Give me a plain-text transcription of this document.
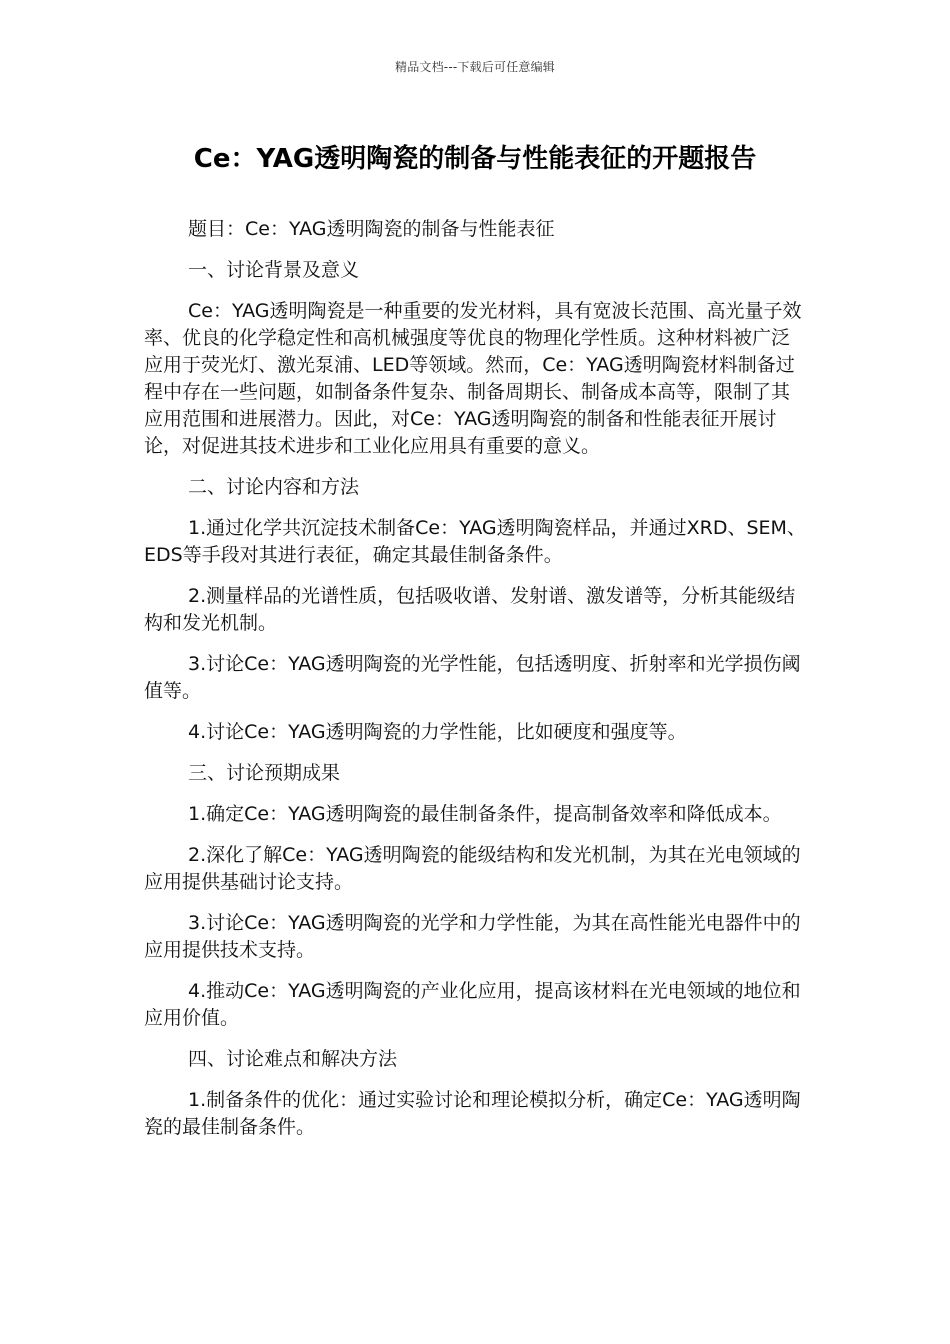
精品文档---下载后可任意编辑
Ce：YAG透明陶瓷的制备与性能表征的开题报告

题目：Ce：YAG透明陶瓷的制备与性能表征

一、讨论背景及意义

Ce：YAG透明陶瓷是一种重要的发光材料，具有宽波长范围、高光量子效率、优良的化学稳定性和高机械强度等优良的物理化学性质。这种材料被广泛应用于荧光灯、激光泵浦、LED等领域。然而，Ce：YAG透明陶瓷材料制备过程中存在一些问题，如制备条件复杂、制备周期长、制备成本高等，限制了其应用范围和进展潜力。因此，对Ce：YAG透明陶瓷的制备和性能表征开展讨论，对促进其技术进步和工业化应用具有重要的意义。

二、讨论内容和方法

1.通过化学共沉淀技术制备Ce：YAG透明陶瓷样品，并通过XRD、SEM、EDS等手段对其进行表征，确定其最佳制备条件。

2.测量样品的光谱性质，包括吸收谱、发射谱、激发谱等，分析其能级结构和发光机制。

3.讨论Ce：YAG透明陶瓷的光学性能，包括透明度、折射率和光学损伤阈值等。

4.讨论Ce：YAG透明陶瓷的力学性能，比如硬度和强度等。

三、讨论预期成果

1.确定Ce：YAG透明陶瓷的最佳制备条件，提高制备效率和降低成本。

2.深化了解Ce：YAG透明陶瓷的能级结构和发光机制，为其在光电领域的应用提供基础讨论支持。

3.讨论Ce：YAG透明陶瓷的光学和力学性能，为其在高性能光电器件中的应用提供技术支持。

4.推动Ce：YAG透明陶瓷的产业化应用，提高该材料在光电领域的地位和应用价值。

四、讨论难点和解决方法

1.制备条件的优化：通过实验讨论和理论模拟分析，确定Ce：YAG透明陶瓷的最佳制备条件。
